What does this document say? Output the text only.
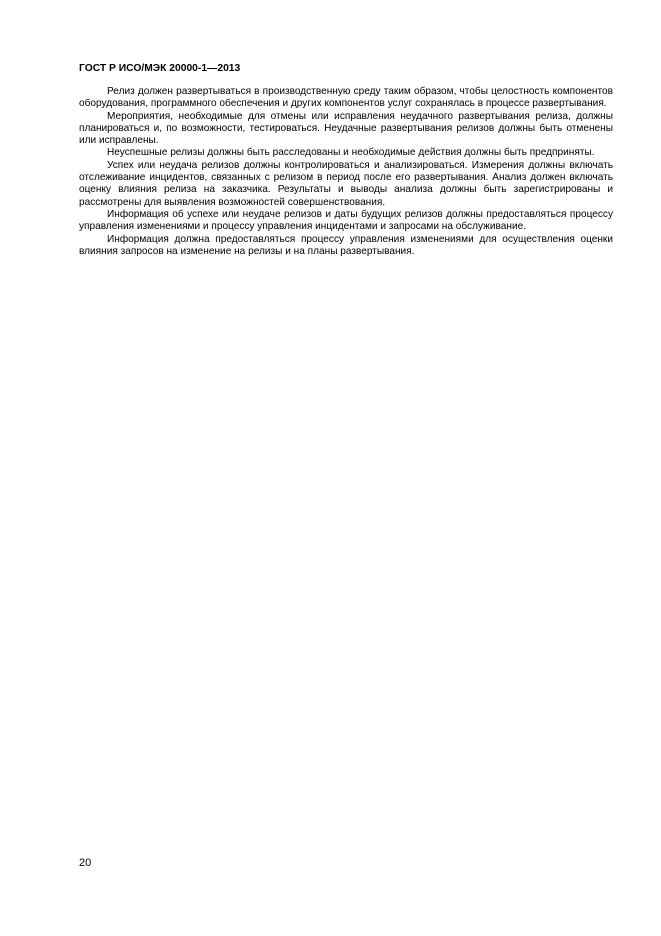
ГОСТ Р ИСО/МЭК 20000-1—2013

Релиз должен развертываться в производственную среду таким образом, чтобы целостность компонентов оборудования, программного обеспечения и других компонентов услуг сохранялась в процессе развертывания.

Мероприятия, необходимые для отмены или исправления неудачного развертывания релиза, должны планироваться и, по возможности, тестироваться. Неудачные развертывания релизов должны быть отменены или исправлены.

Неуспешные релизы должны быть расследованы и необходимые действия должны быть предприняты.

Успех или неудача релизов должны контролироваться и анализироваться. Измерения должны включать отслеживание инцидентов, связанных с релизом в период после его развертывания. Анализ должен включать оценку влияния релиза на заказчика. Результаты и выводы анализа должны быть зарегистрированы и рассмотрены для выявления возможностей совершенствования.

Информация об успехе или неудаче релизов и даты будущих релизов должны предоставляться процессу управления изменениями и процессу управления инцидентами и запросами на обслуживание.

Информация должна предоставляться процессу управления изменениями для осуществления оценки влияния запросов на изменение на релизы и на планы развертывания.

20
